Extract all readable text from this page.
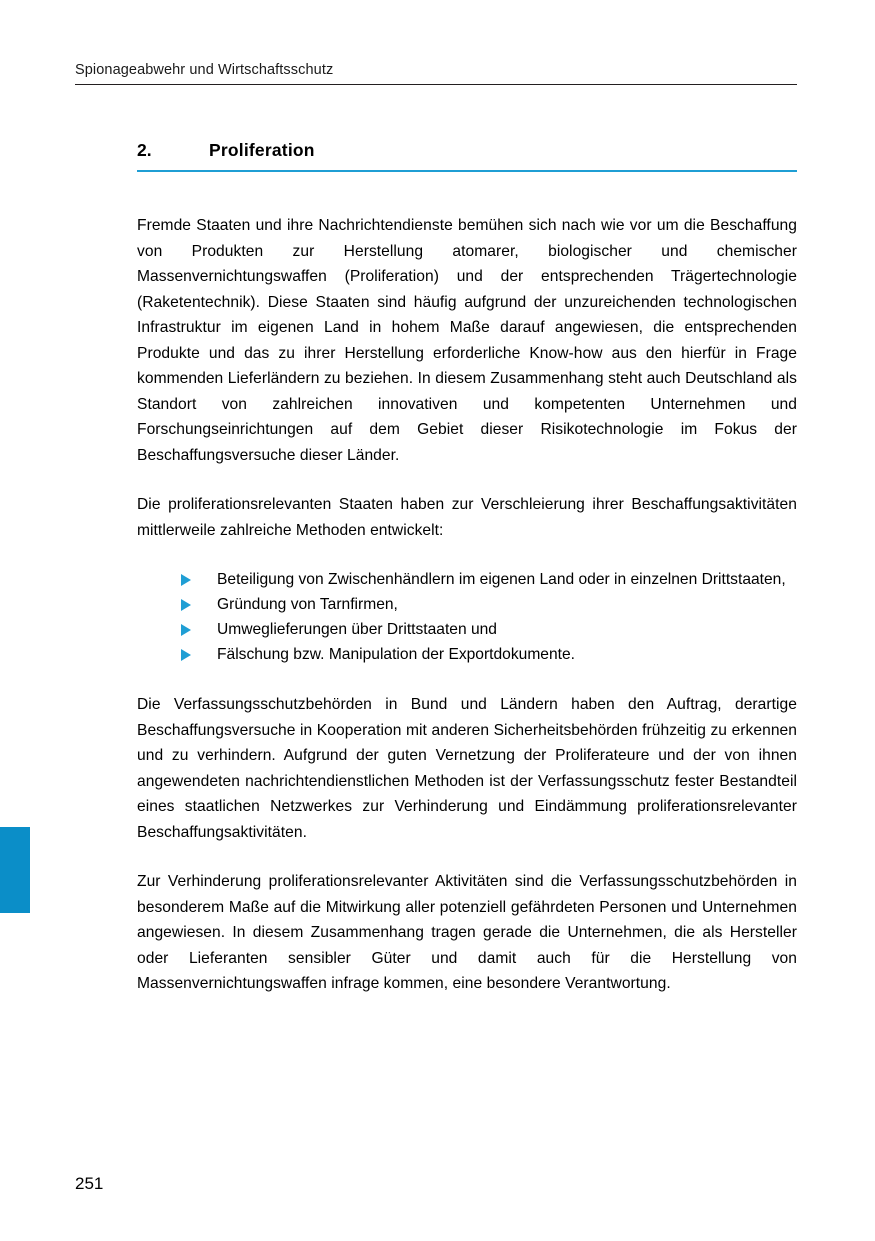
Spionageabwehr und Wirtschaftsschutz
2.	Proliferation

Fremde Staaten und ihre Nachrichtendienste bemühen sich nach wie vor um die Beschaffung von Produkten zur Herstellung atomarer, biologischer und chemischer Massenvernichtungswaffen (Proliferation) und der entsprechenden Trägertechnologie (Raketentechnik). Diese Staaten sind häufig aufgrund der unzureichenden technologischen Infrastruktur im eigenen Land in hohem Maße darauf angewiesen, die entsprechenden Produkte und das zu ihrer Herstellung erforderliche Know-how aus den hierfür in Frage kommenden Lieferländern zu beziehen. In diesem Zusammenhang steht auch Deutschland als Standort von zahlreichen innovativen und kompetenten Unternehmen und Forschungseinrichtungen auf dem Gebiet dieser Risikotechnologie im Fokus der Beschaffungsversuche dieser Länder.

Die proliferationsrelevanten Staaten haben zur Verschleierung ihrer Beschaffungsaktivitäten mittlerweile zahlreiche Methoden entwickelt:

Beteiligung von Zwischenhändlern im eigenen Land oder in einzelnen Drittstaaten,
Gründung von Tarnfirmen,
Umweglieferungen über Drittstaaten und
Fälschung bzw. Manipulation der Exportdokumente.

Die Verfassungsschutzbehörden in Bund und Ländern haben den Auftrag, derartige Beschaffungsversuche in Kooperation mit anderen Sicherheitsbehörden frühzeitig zu erkennen und zu verhindern. Aufgrund der guten Vernetzung der Proliferateure und der von ihnen angewendeten nachrichtendienstlichen Methoden ist der Verfassungsschutz fester Bestandteil eines staatlichen Netzwerkes zur Verhinderung und Eindämmung proliferationsrelevanter Beschaffungsaktivitäten.

Zur Verhinderung proliferationsrelevanter Aktivitäten sind die Verfassungsschutzbehörden in besonderem Maße auf die Mitwirkung aller potenziell gefährdeten Personen und Unternehmen angewiesen. In diesem Zusammenhang tragen gerade die Unternehmen, die als Hersteller oder Lieferanten sensibler Güter und damit auch für die Herstellung von Massenvernichtungswaffen infrage kommen, eine besondere Verantwortung.

251
